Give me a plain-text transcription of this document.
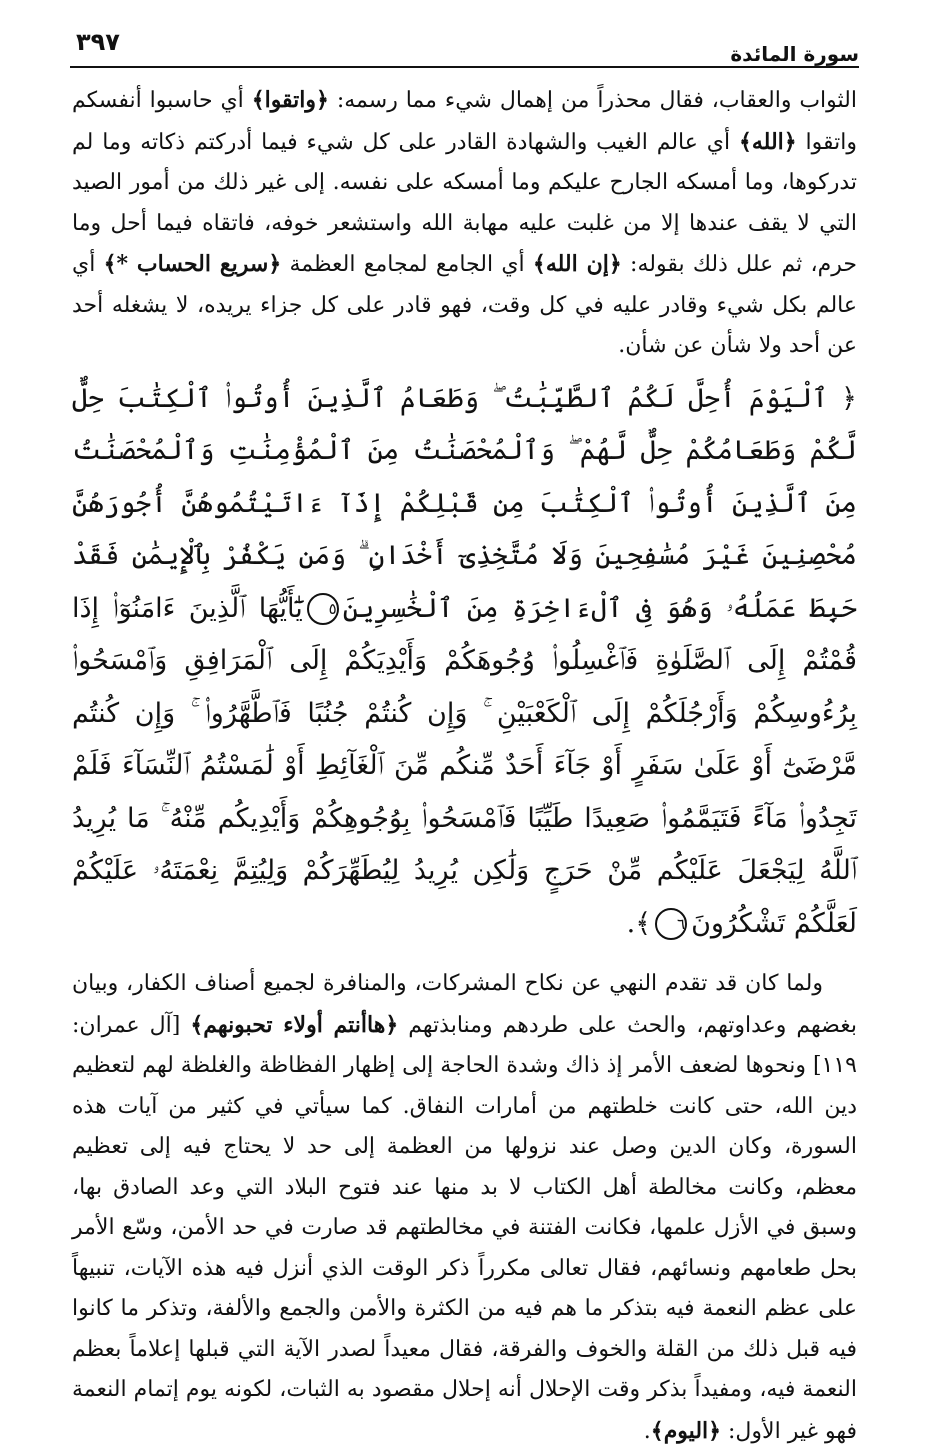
سورة المائدة
٣٩٧

الثواب والعقاب، فقال محذراً من إهمال شيء مما رسمه: ﴿واتقوا﴾ أي حاسبوا أنفسكم واتقوا ﴿الله﴾ أي عالم الغيب والشهادة القادر على كل شيء فيما أدركتم ذكاته وما لم تدركوها، وما أمسكه الجارح عليكم وما أمسكه على نفسه. إلى غير ذلك من أمور الصيد التي لا يقف عندها إلا من غلبت عليه مهابة الله واستشعر خوفه، فاتقاه فيما أحل وما حرم، ثم علل ذلك بقوله: ﴿إن الله﴾ أي الجامع لمجامع العظمة ﴿سريع الحساب *﴾ أي عالم بكل شيء وقادر عليه في كل وقت، فهو قادر على كل جزاء يريده، لا يشغله أحد عن أحد ولا شأن عن شأن.

﴿ ٱلْيَوْمَ أُحِلَّ لَكُمُ ٱلطَّيِّبَٰتُ ۖ وَطَعَامُ ٱلَّذِينَ أُوتُوا۟ ٱلْكِتَٰبَ حِلٌّ لَّكُمْ وَطَعَامُكُمْ حِلٌّ لَّهُمْ ۖ وَٱلْمُحْصَنَٰتُ مِنَ ٱلْمُؤْمِنَٰتِ وَٱلْمُحْصَنَٰتُ مِنَ ٱلَّذِينَ أُوتُوا۟ ٱلْكِتَٰبَ مِن قَبْلِكُمْ إِذَآ ءَاتَيْتُمُوهُنَّ أُجُورَهُنَّ مُحْصِنِينَ غَيْرَ مُسَٰفِحِينَ وَلَا مُتَّخِذِىٓ أَخْدَانٍ ۗ وَمَن يَكْفُرْ بِٱلْإِيمَٰنِ فَقَدْ حَبِطَ عَمَلُهُۥ وَهُوَ فِى ٱلْءَاخِرَةِ مِنَ ٱلْخَٰسِرِينَ٥يَٰٓأَيُّهَا ٱلَّذِينَ ءَامَنُوٓا۟ إِذَا قُمْتُمْ إِلَى ٱلصَّلَوٰةِ فَٱغْسِلُوا۟ وُجُوهَكُمْ وَأَيْدِيَكُمْ إِلَى ٱلْمَرَافِقِ وَٱمْسَحُوا۟ بِرُءُوسِكُمْ وَأَرْجُلَكُمْ إِلَى ٱلْكَعْبَيْنِ ۚ وَإِن كُنتُمْ جُنُبًا فَٱطَّهَّرُوا۟ ۚ وَإِن كُنتُم مَّرْضَىٰٓ أَوْ عَلَىٰ سَفَرٍ أَوْ جَآءَ أَحَدٌ مِّنكُم مِّنَ ٱلْغَآئِطِ أَوْ لَٰمَسْتُمُ ٱلنِّسَآءَ فَلَمْ تَجِدُوا۟ مَآءً فَتَيَمَّمُوا۟ صَعِيدًا طَيِّبًا فَٱمْسَحُوا۟ بِوُجُوهِكُمْ وَأَيْدِيكُم مِّنْهُ ۚ مَا يُرِيدُ ٱللَّهُ لِيَجْعَلَ عَلَيْكُم مِّنْ حَرَجٍ وَلَٰكِن يُرِيدُ لِيُطَهِّرَكُمْ وَلِيُتِمَّ نِعْمَتَهُۥ عَلَيْكُمْ لَعَلَّكُمْ تَشْكُرُونَ٦﴾.

ولما كان قد تقدم النهي عن نكاح المشركات، والمنافرة لجميع أصناف الكفار، وبيان بغضهم وعداوتهم، والحث على طردهم ومنابذتهم ﴿هاأنتم أولاء تحبونهم﴾ [آل عمران: ١١٩] ونحوها لضعف الأمر إذ ذاك وشدة الحاجة إلى إظهار الفظاظة والغلظة لهم لتعظيم دين الله، حتى كانت خلطتهم من أمارات النفاق. كما سيأتي في كثير من آيات هذه السورة، وكان الدين وصل عند نزولها من العظمة إلى حد لا يحتاج فيه إلى تعظيم معظم، وكانت مخالطة أهل الكتاب لا بد منها عند فتوح البلاد التي وعد الصادق بها، وسبق في الأزل علمها، فكانت الفتنة في مخالطتهم قد صارت في حد الأمن، وسّع الأمر بحل طعامهم ونسائهم، فقال تعالى مكرراً ذكر الوقت الذي أنزل فيه هذه الآيات، تنبيهاً على عظم النعمة فيه بتذكر ما هم فيه من الكثرة والأمن والجمع والألفة، وتذكر ما كانوا فيه قبل ذلك من القلة والخوف والفرقة، فقال معيداً لصدر الآية التي قبلها إعلاماً بعظم النعمة فيه، ومفيداً بذكر وقت الإحلال أنه إحلال مقصود به الثبات، لكونه يوم إتمام النعمة فهو غير الأول: ﴿اليوم﴾.
